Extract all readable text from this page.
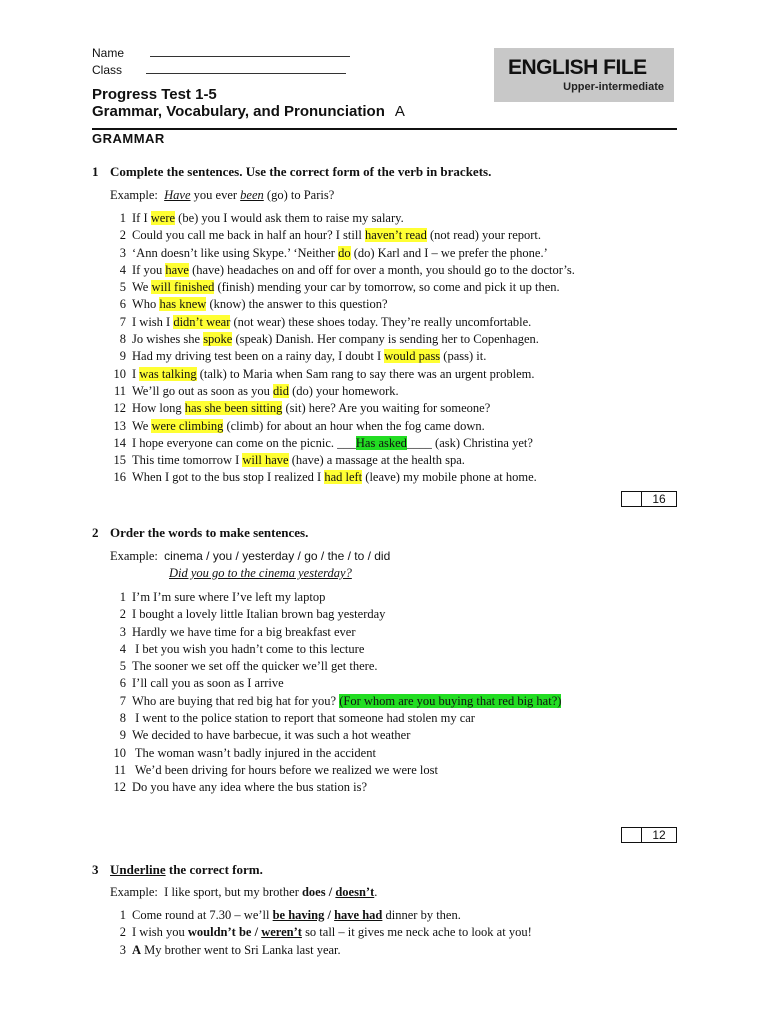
Name
Class	ENGLISH FILE
Upper-intermediate
Progress Test 1-5
Grammar, Vocabulary, and Pronunciation A
GRAMMAR
1 Complete the sentences. Use the correct form of the verb in brackets.
Example: Have you ever been (go) to Paris?
1 If I were (be) you I would ask them to raise my salary.
2 Could you call me back in half an hour? I still haven’t read (not read) your report.
3 ‘Ann doesn’t like using Skype.’ ‘Neither do (do) Karl and I – we prefer the phone.’
4 If you have (have) headaches on and off for over a month, you should go to the doctor’s.
5 We will finished (finish) mending your car by tomorrow, so come and pick it up then.
6 Who has knew (know) the answer to this question?
7 I wish I didn’t wear (not wear) these shoes today. They’re really uncomfortable.
8 Jo wishes she spoke (speak) Danish. Her company is sending her to Copenhagen.
9 Had my driving test been on a rainy day, I doubt I would pass (pass) it.
10 I was talking (talk) to Maria when Sam rang to say there was an urgent problem.
11 We’ll go out as soon as you did (do) your homework.
12 How long has she been sitting (sit) here? Are you waiting for someone?
13 We were climbing (climb) for about an hour when the fog came down.
14 I hope everyone can come on the picnic. ___Has asked____ (ask) Christina yet?
15 This time tomorrow I will have (have) a massage at the health spa.
16 When I got to the bus stop I realized I had left (leave) my mobile phone at home.
16
2 Order the words to make sentences.
Example: cinema / you / yesterday / go / the / to / did
Did you go to the cinema yesterday?
1 I’m I’m sure where I’ve left my laptop
2 I bought a lovely little Italian brown bag yesterday
3 Hardly we have time for a big breakfast ever
4 I bet you wish you hadn’t come to this lecture
5 The sooner we set off the quicker we’ll get there.
6 I’ll call you as soon as I arrive
7 Who are buying that red big hat for you? (For whom are you buying that red big hat?)
8 I went to the police station to report that someone had stolen my car
9 We decided to have barbecue, it was such a hot weather
10 The woman wasn’t badly injured in the accident
11 We’d been driving for hours before we realized we were lost
12 Do you have any idea where the bus station is?
12
3 Underline the correct form.
Example: I like sport, but my brother does / doesn’t.
1 Come round at 7.30 – we’ll be having / have had dinner by then.
2 I wish you wouldn’t be / weren’t so tall – it gives me neck ache to look at you!
3 A My brother went to Sri Lanka last year.
